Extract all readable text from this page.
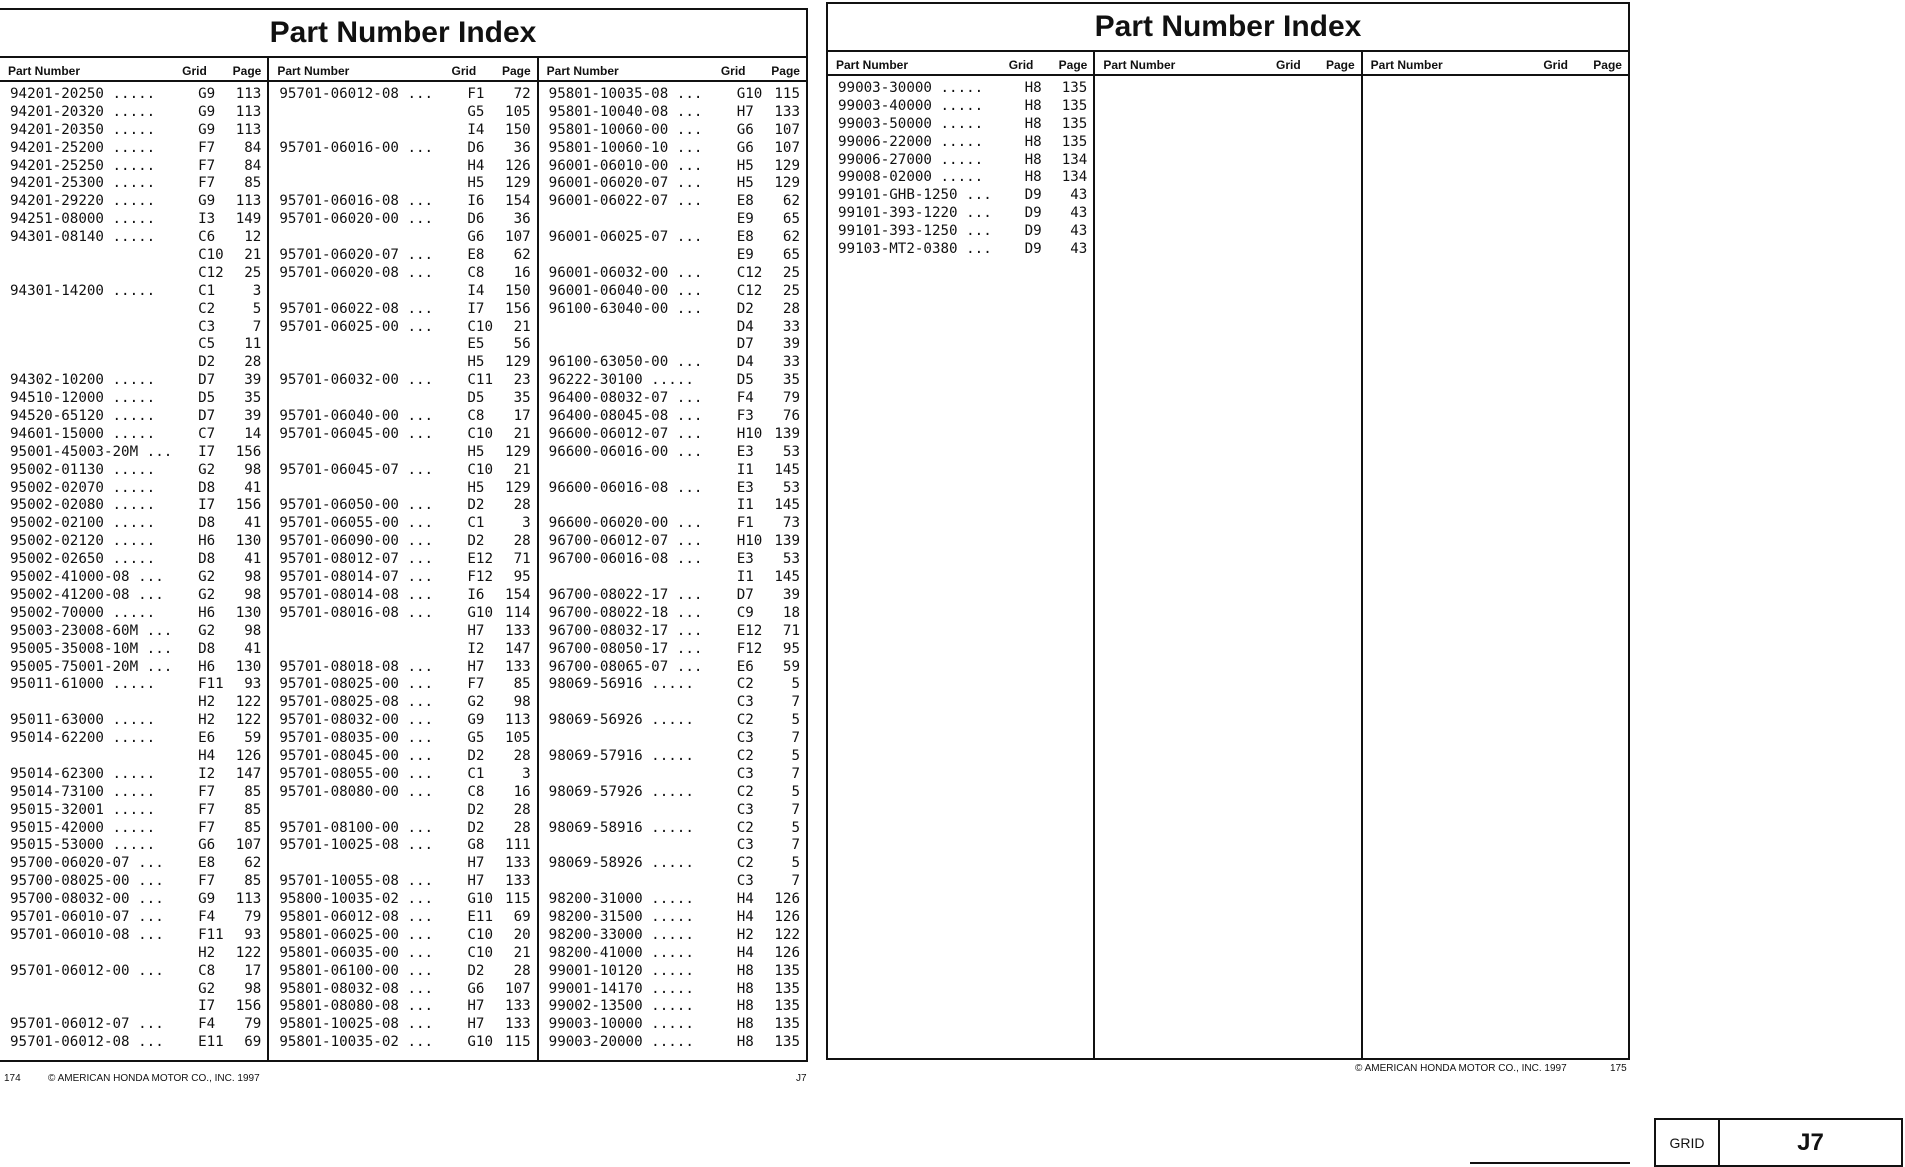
Part Number Index
Part Number	Grid	Page
94201-20250 .....	G9	113
94201-20320 .....	G9	113
94201-20350 .....	G9	113
94201-25200 .....	F7	84
94201-25250 .....	F7	84
94201-25300 .....	F7	85
94201-29220 .....	G9	113
94251-08000 .....	I3	149
94301-08140 .....	C6	12
C10	21
C12	25
94301-14200 .....	C1	3
C2	5
C3	7
C5	11
D2	28
94302-10200 .....	D7	39
94510-12000 .....	D5	35
94520-65120 .....	D7	39
94601-15000 .....	C7	14
95001-45003-20M ...	I7	156
95002-01130 .....	G2	98
95002-02070 .....	D8	41
95002-02080 .....	I7	156
95002-02100 .....	D8	41
95002-02120 .....	H6	130
95002-02650 .....	D8	41
95002-41000-08 ...	G2	98
95002-41200-08 ...	G2	98
95002-70000 .....	H6	130
95003-23008-60M ...	G2	98
95005-35008-10M ...	D8	41
95005-75001-20M ...	H6	130
95011-61000 .....	F11	93
H2	122
95011-63000 .....	H2	122
95014-62200 .....	E6	59
H4	126
95014-62300 .....	I2	147
95014-73100 .....	F7	85
95015-32001 .....	F7	85
95015-42000 .....	F7	85
95015-53000 .....	G6	107
95700-06020-07 ...	E8	62
95700-08025-00 ...	F7	85
95700-08032-00 ...	G9	113
95701-06010-07 ...	F4	79
95701-06010-08 ...	F11	93
H2	122
95701-06012-00 ...	C8	17
G2	98
I7	156
95701-06012-07 ...	F4	79
95701-06012-08 ...	E11	69
Part Number	Grid	Page
95701-06012-08 ...	F1	72
G5	105
I4	150
95701-06016-00 ...	D6	36
H4	126
H5	129
95701-06016-08 ...	I6	154
95701-06020-00 ...	D6	36
G6	107
95701-06020-07 ...	E8	62
95701-06020-08 ...	C8	16
I4	150
95701-06022-08 ...	I7	156
95701-06025-00 ...	C10	21
E5	56
H5	129
95701-06032-00 ...	C11	23
D5	35
95701-06040-00 ...	C8	17
95701-06045-00 ...	C10	21
H5	129
95701-06045-07 ...	C10	21
H5	129
95701-06050-00 ...	D2	28
95701-06055-00 ...	C1	3
95701-06090-00 ...	D2	28
95701-08012-07 ...	E12	71
95701-08014-07 ...	F12	95
95701-08014-08 ...	I6	154
95701-08016-08 ...	G10 114
H7	133
I2	147
95701-08018-08 ...	H7	133
95701-08025-00 ...	F7	85
95701-08025-08 ...	G2	98
95701-08032-00 ...	G9	113
95701-08035-00 ...	G5	105
95701-08045-00 ...	D2	28
95701-08055-00 ...	C1	3
95701-08080-00 ...	C8	16
D2	28
95701-08100-00 ...	D2	28
95701-10025-08 ...	G8	111
H7	133
95701-10055-08 ...	H7	133
95800-10035-02 ...	G10 115
95801-06012-08 ...	E11	69
95801-06025-00 ...	C10	20
95801-06035-00 ...	C10	21
95801-06100-00 ...	D2	28
95801-08032-08 ...	G6	107
95801-08080-08 ...	H7	133
95801-10025-08 ...	H7	133
95801-10035-02 ...	G10 115
Part Number	Grid	Page
95801-10035-08 ...	G10 115
95801-10040-08 ...	H7	133
95801-10060-00 ...	G6	107
95801-10060-10 ...	G6	107
96001-06010-00 ...	H5	129
96001-06020-07 ...	H5	129
96001-06022-07 ...	E8	62
E9	65
96001-06025-07 ...	E8	62
E9	65
96001-06032-00 ...	C12	25
96001-06040-00 ...	C12	25
96100-63040-00 ...	D2	28
D4	33
D7	39
96100-63050-00 ...	D4	33
96222-30100 .....	D5	35
96400-08032-07 ...	F4	79
96400-08045-08 ...	F3	76
96600-06012-07 ...	H10 139
96600-06016-00 ...	E3	53
I1	145
96600-06016-08 ...	E3	53
I1	145
96600-06020-00 ...	F1	73
96700-06012-07 ...	H10 139
96700-06016-08 ...	E3	53
I1	145
96700-08022-17 ...	D7	39
96700-08022-18 ...	C9	18
96700-08032-17 ...	E12	71
96700-08050-17 ...	F12	95
96700-08065-07 ...	E6	59
98069-56916 .....	C2	5
C3	7
98069-56926 .....	C2	5
C3	7
98069-57916 .....	C2	5
C3	7
98069-57926 .....	C2	5
C3	7
98069-58916 .....	C2	5
C3	7
98069-58926 .....	C2	5
C3	7
98200-31000 .....	H4	126
98200-31500 .....	H4	126
98200-33000 .....	H2	122
98200-41000 .....	H4	126
99001-10120 .....	H8	135
99001-14170 .....	H8	135
99002-13500 .....	H8	135
99003-10000 .....	H8	135
99003-20000 .....	H8	135
174	© AMERICAN HONDA MOTOR CO., INC. 1997	J7
Part Number Index
Part Number	Grid	Page
99003-30000 .....	H8	135
99003-40000 .....	H8	135
99003-50000 .....	H8	135
99006-22000 .....	H8	135
99006-27000 .....	H8	134
99008-02000 .....	H8	134
99101-GHB-1250 ...	D9	43
99101-393-1220 ...	D9	43
99101-393-1250 ...	D9	43
99103-MT2-0380 ...	D9	43
Part Number	Grid	Page Part Number	Grid	Page
© AMERICAN HONDA MOTOR CO., INC. 1997	175
GRID	J7
